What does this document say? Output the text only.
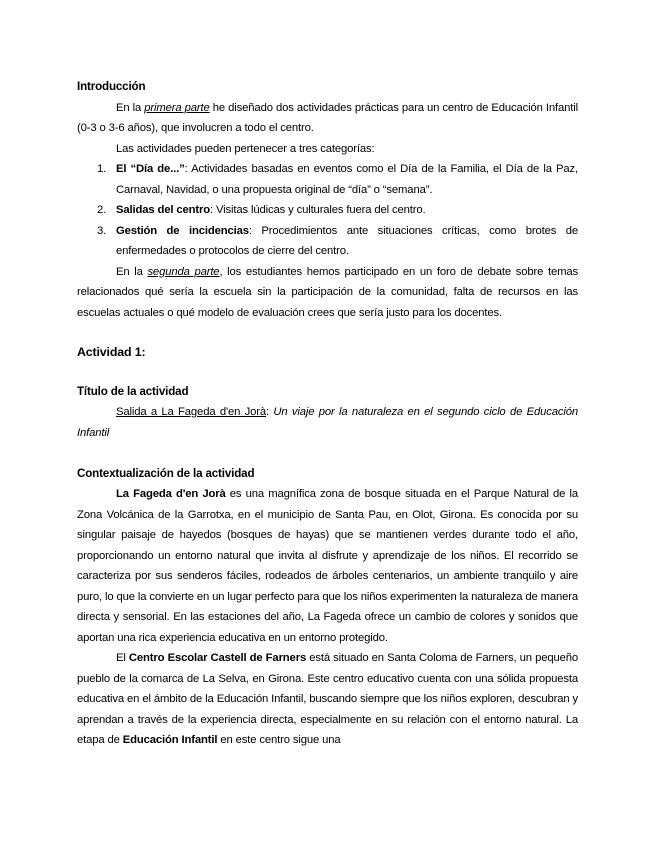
Introducción

En la primera parte he diseñado dos actividades prácticas para un centro de Educación Infantil (0-3 o 3-6 años), que involucren a todo el centro.

Las actividades pueden pertenecer a tres categorías:

1. El “Día de...”: Actividades basadas en eventos como el Día de la Familia, el Día de la Paz, Carnaval, Navidad, o una propuesta original de “día” o “semana”.
2. Salidas del centro: Visitas lúdicas y culturales fuera del centro.
3. Gestión de incidencias: Procedimientos ante situaciones críticas, como brotes de enfermedades o protocolos de cierre del centro.

En la segunda parte, los estudiantes hemos participado en un foro de debate sobre temas relacionados qué sería la escuela sin la participación de la comunidad, falta de recursos en las escuelas actuales o qué modelo de evaluación crees que sería justo para los docentes.

Actividad 1:

Título de la actividad

Salida a La Fageda d'en Jorà: Un viaje por la naturaleza en el segundo ciclo de Educación Infantil

Contextualización de la actividad

La Fageda d'en Jorà es una magnífica zona de bosque situada en el Parque Natural de la Zona Volcánica de la Garrotxa, en el municipio de Santa Pau, en Olot, Girona. Es conocida por su singular paisaje de hayedos (bosques de hayas) que se mantienen verdes durante todo el año, proporcionando un entorno natural que invita al disfrute y aprendizaje de los niños. El recorrido se caracteriza por sus senderos fáciles, rodeados de árboles centenarios, un ambiente tranquilo y aire puro, lo que la convierte en un lugar perfecto para que los niños experimenten la naturaleza de manera directa y sensorial. En las estaciones del año, La Fageda ofrece un cambio de colores y sonidos que aportan una rica experiencia educativa en un entorno protegido.

El Centro Escolar Castell de Farners está situado en Santa Coloma de Farners, un pequeño pueblo de la comarca de La Selva, en Girona. Este centro educativo cuenta con una sólida propuesta educativa en el ámbito de la Educación Infantil, buscando siempre que los niños exploren, descubran y aprendan a través de la experiencia directa, especialmente en su relación con el entorno natural. La etapa de Educación Infantil en este centro sigue una
